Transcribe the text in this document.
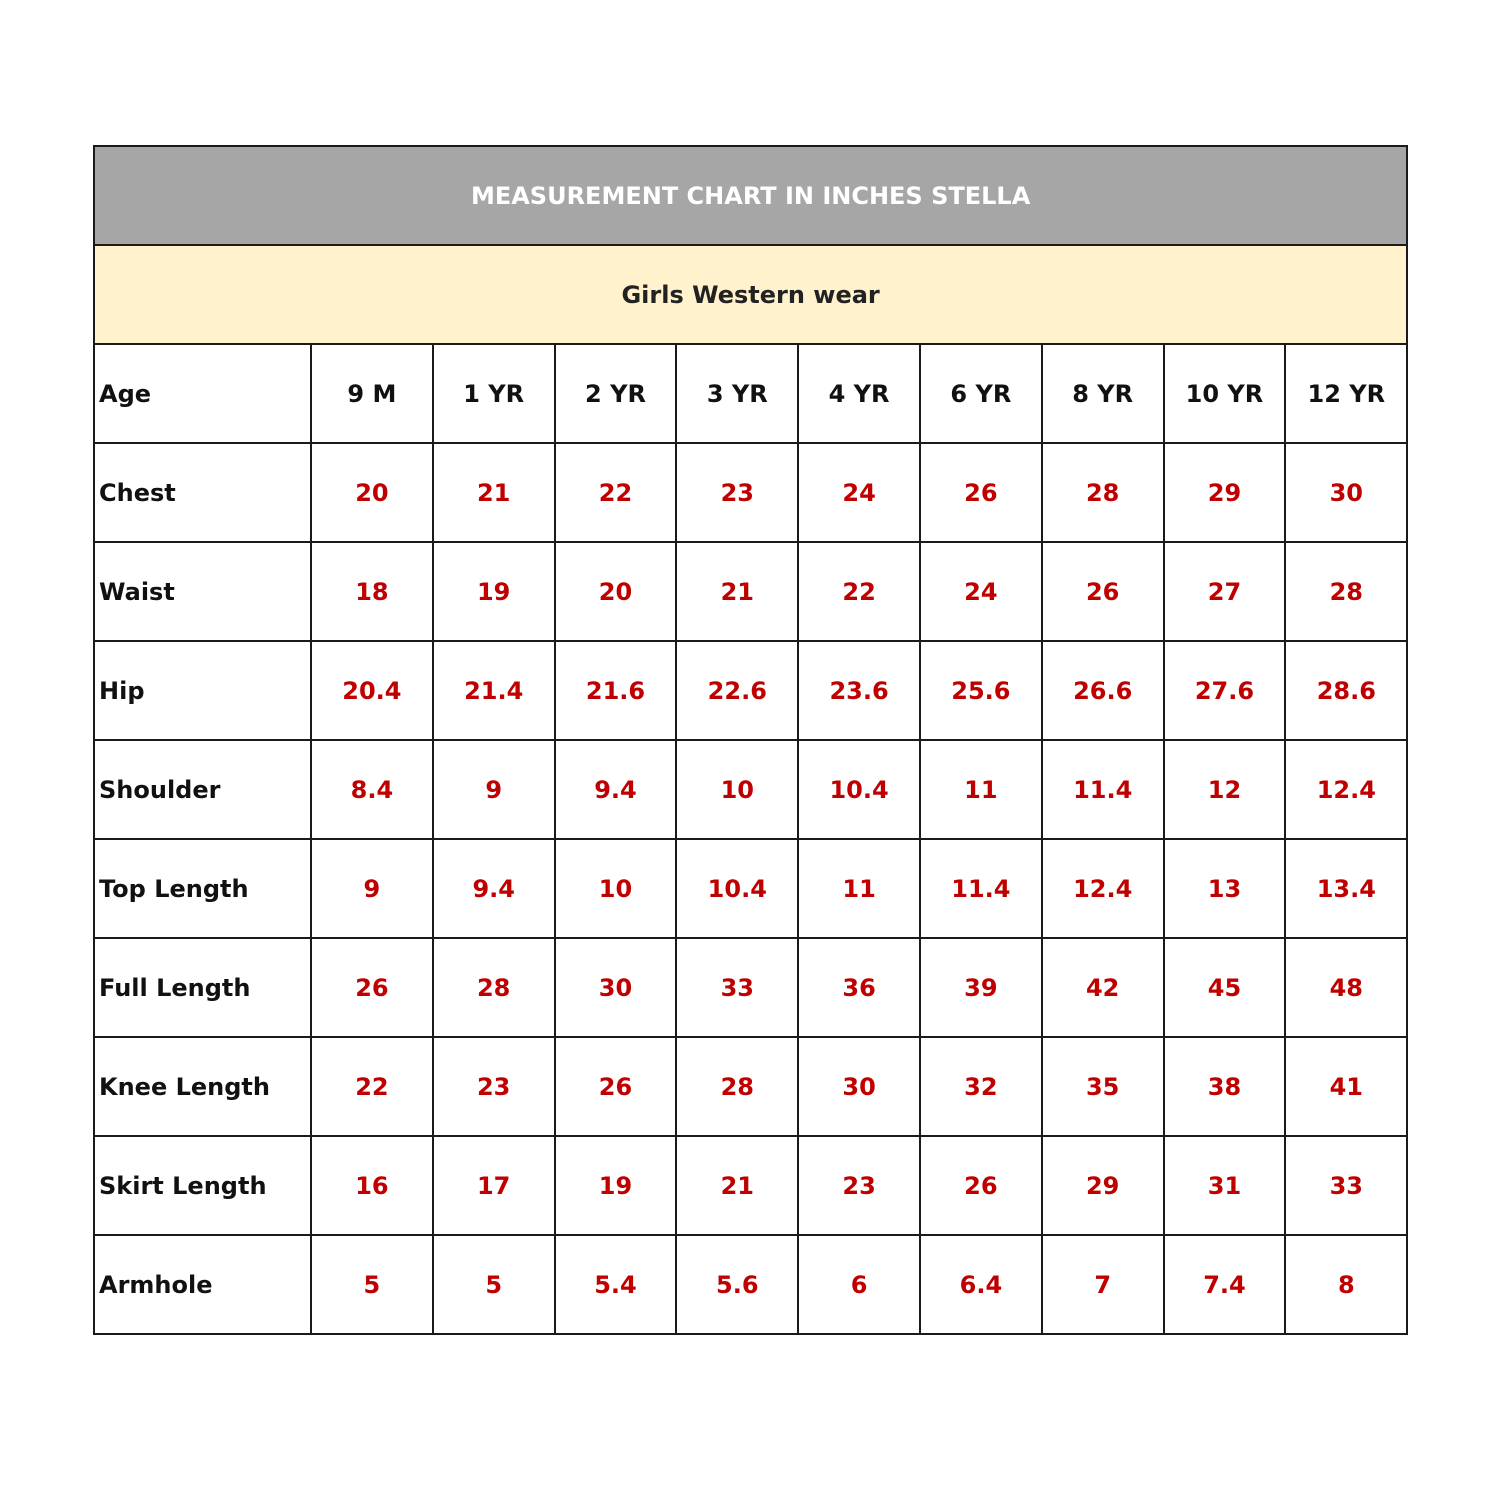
MEASUREMENT CHART IN INCHES STELLA									
Girls Western wear									
Age	9 M	1 YR	2 YR	3 YR	4 YR	6 YR	8 YR	10 YR	12 YR
Chest	20	21	22	23	24	26	28	29	30
Waist	18	19	20	21	22	24	26	27	28
Hip	20.4	21.4	21.6	22.6	23.6	25.6	26.6	27.6	28.6
Shoulder	8.4	9	9.4	10	10.4	11	11.4	12	12.4
Top Length	9	9.4	10	10.4	11	11.4	12.4	13	13.4
Full Length	26	28	30	33	36	39	42	45	48
Knee Length	22	23	26	28	30	32	35	38	41
Skirt Length	16	17	19	21	23	26	29	31	33
Armhole	5	5	5.4	5.6	6	6.4	7	7.4	8
